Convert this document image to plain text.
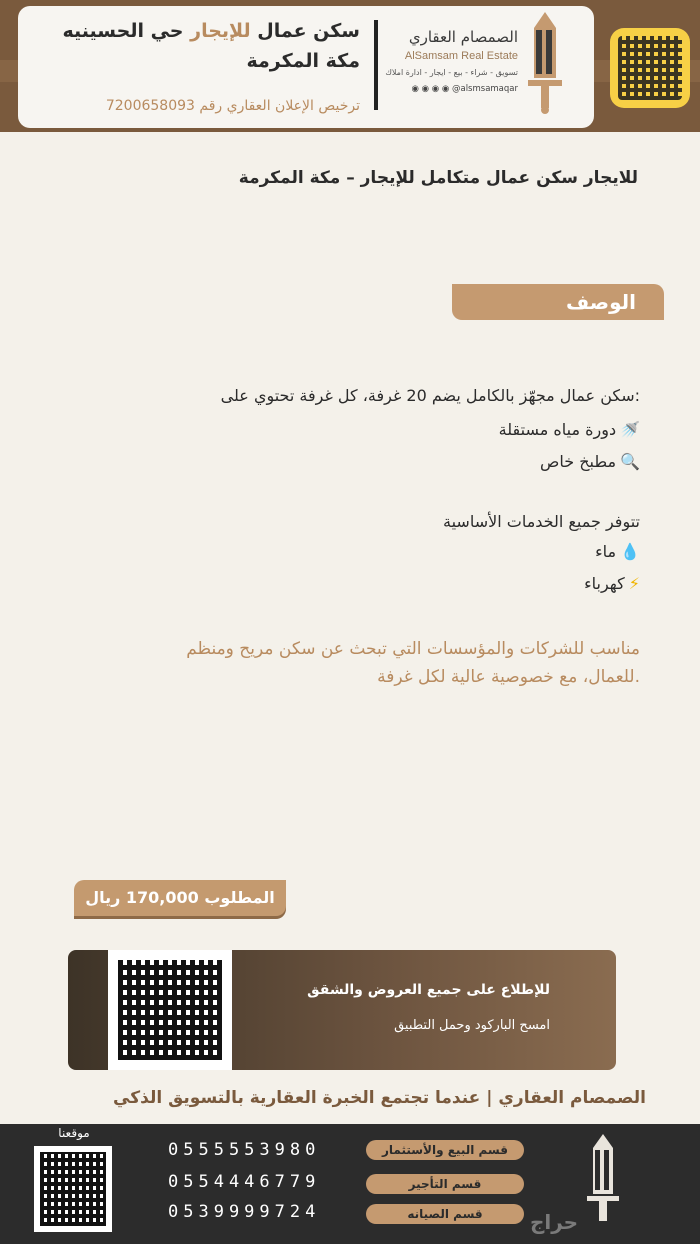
الصمصام العقاري
AlSamsam Real Estate
تسويق - شراء - بيع - ايجار - ادارة املاك
◉ ◉ ◉ ◉ @alsmsamaqar
سكن عمال للإيجار حي الحسينيه
مكة المكرمة
ترخيص الإعلان العقاري رقم 7200658093
للايجار سكن عمال متكامل للإيجار – مكة المكرمة
الوصف
:سكن عمال مجهّز بالكامل يضم 20 غرفة، كل غرفة تحتوي على
🚿دورة مياه مستقلة
🔍مطبخ خاص
تتوفر جميع الخدمات الأساسية
💧ماء
⚡كهرباء
مناسب للشركات والمؤسسات التي تبحث عن سكن مريح ومنظم
.للعمال، مع خصوصية عالية لكل غرفة
المطلوب 170,000 ريال
للإطلاع على جميع العروض والشقق
امسح الباركود وحمل التطبيق
الصمصام العقاري | عندما تجتمع الخبرة العقارية بالتسويق الذكي
حراج
قسم البيع والأستثمار
0555553980
قسم التأجير
0554446779
قسم الصيانه
0539999724
موقعنا
